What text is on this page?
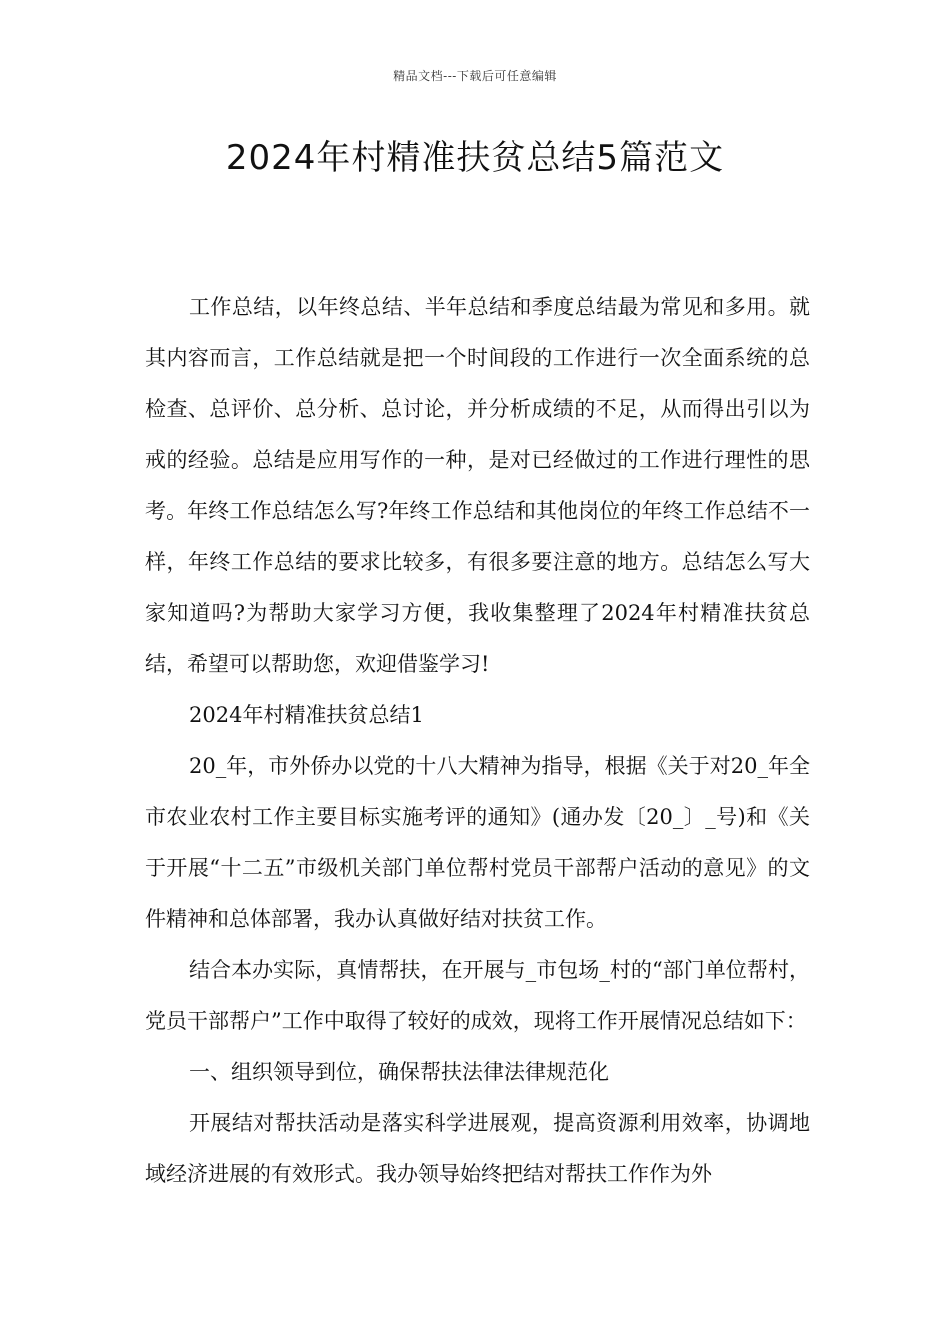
精品文档---下载后可任意编辑
2024年村精准扶贫总结5篇范文

工作总结，以年终总结、半年总结和季度总结最为常见和多用。就其内容而言，工作总结就是把一个时间段的工作进行一次全面系统的总检查、总评价、总分析、总讨论，并分析成绩的不足，从而得出引以为戒的经验。总结是应用写作的一种，是对已经做过的工作进行理性的思考。年终工作总结怎么写?年终工作总结和其他岗位的年终工作总结不一样，年终工作总结的要求比较多，有很多要注意的地方。总结怎么写大家知道吗?为帮助大家学习方便，我收集整理了2024年村精准扶贫总结，希望可以帮助您，欢迎借鉴学习!

2024年村精准扶贫总结1

20_年，市外侨办以党的十八大精神为指导，根据《关于对20_年全市农业农村工作主要目标实施考评的通知》(通办发〔20_〕_号)和《关于开展“十二五”市级机关部门单位帮村党员干部帮户活动的意见》的文件精神和总体部署，我办认真做好结对扶贫工作。

结合本办实际，真情帮扶，在开展与_市包场_村的“部门单位帮村，党员干部帮户”工作中取得了较好的成效，现将工作开展情况总结如下：

一、组织领导到位，确保帮扶法律法律规范化

开展结对帮扶活动是落实科学进展观，提高资源利用效率，协调地域经济进展的有效形式。我办领导始终把结对帮扶工作作为外
